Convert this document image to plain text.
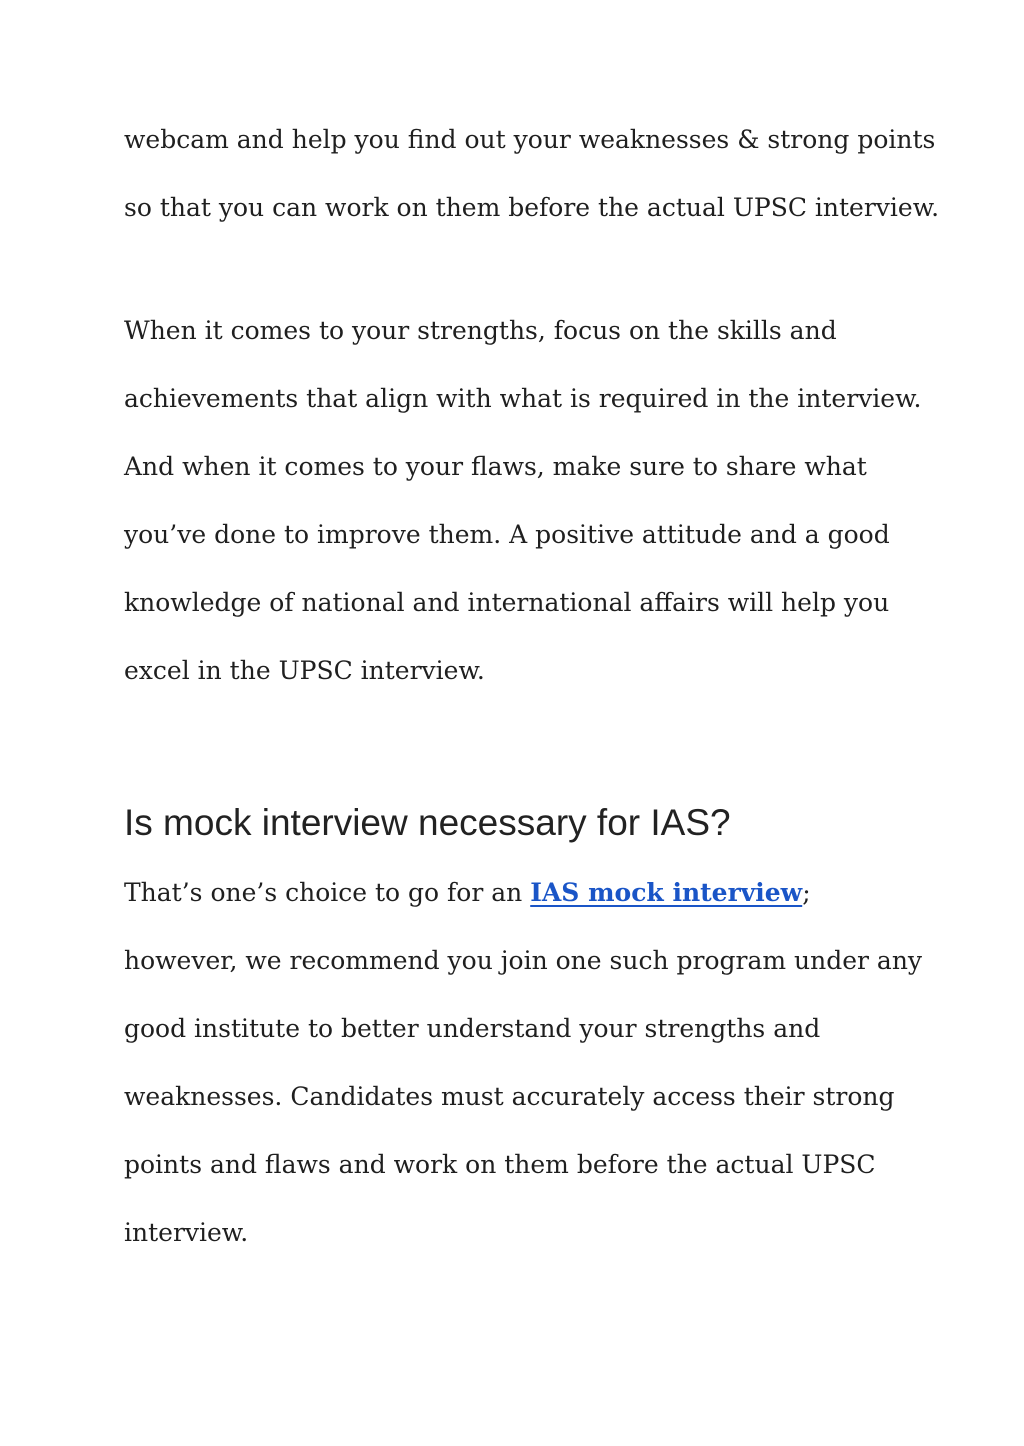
webcam and help you find out your weaknesses & strong points
so that you can work on them before the actual UPSC interview.
When it comes to your strengths, focus on the skills and
achievements that align with what is required in the interview.
And when it comes to your flaws, make sure to share what
you’ve done to improve them. A positive attitude and a good
knowledge of national and international affairs will help you
excel in the UPSC interview.
Is mock interview necessary for IAS?
That’s one’s choice to go for an IAS mock interview;
however, we recommend you join one such program under any
good institute to better understand your strengths and
weaknesses. Candidates must accurately access their strong
points and flaws and work on them before the actual UPSC
interview.
